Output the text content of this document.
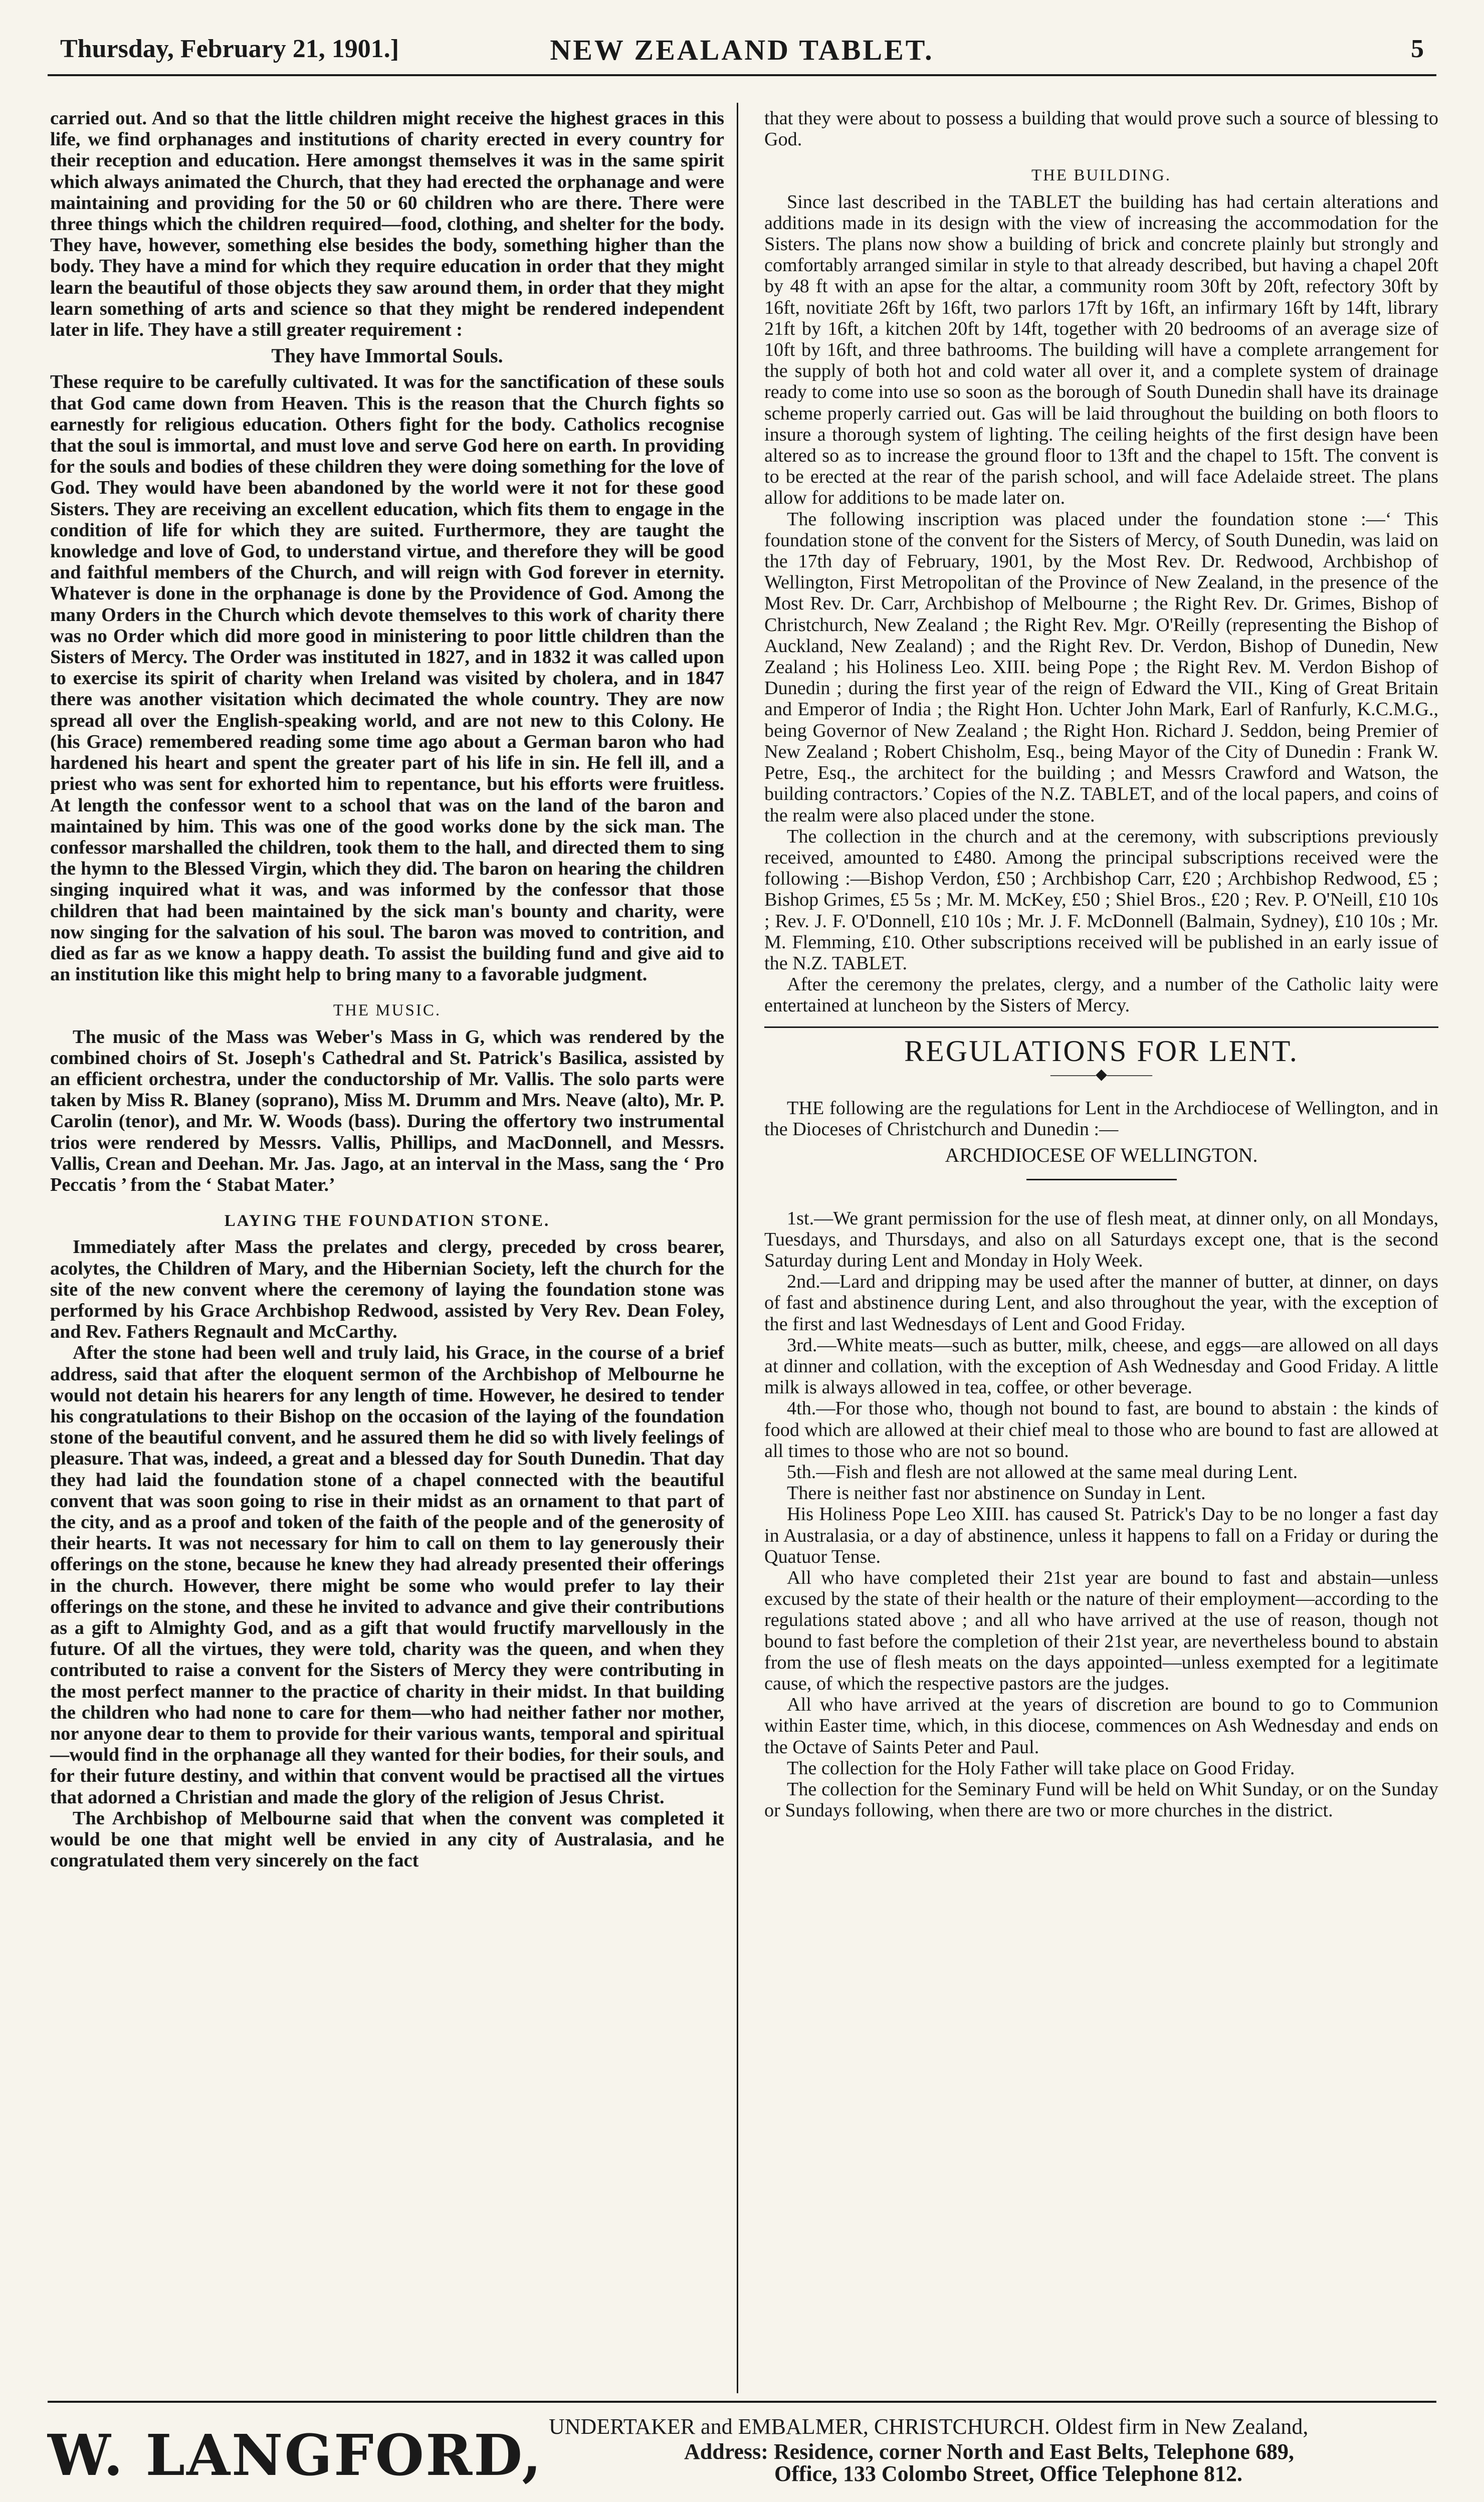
Thursday, February 21, 1901.]	NEW ZEALAND TABLET.	5

carried out. And so that the little children might receive the highest graces in this life, we find orphanages and institutions of charity erected in every country for their reception and education. Here amongst themselves it was in the same spirit which always animated the Church, that they had erected the orphanage and were maintaining and providing for the 50 or 60 children who are there. There were three things which the children required—food, clothing, and shelter for the body. They have, however, something else besides the body, something higher than the body. They have a mind for which they require education in order that they might learn the beautiful of those objects they saw around them, in order that they might learn something of arts and science so that they might be rendered independent later in life. They have a still greater requirement :

They have Immortal Souls.

These require to be carefully cultivated. It was for the sanctification of these souls that God came down from Heaven. This is the reason that the Church fights so earnestly for religious education. Others fight for the body. Catholics recognise that the soul is immortal, and must love and serve God here on earth. In providing for the souls and bodies of these children they were doing something for the love of God. They would have been abandoned by the world were it not for these good Sisters. They are receiving an excellent education, which fits them to engage in the condition of life for which they are suited. Furthermore, they are taught the knowledge and love of God, to understand virtue, and therefore they will be good and faithful members of the Church, and will reign with God forever in eternity. Whatever is done in the orphanage is done by the Providence of God. Among the many Orders in the Church which devote themselves to this work of charity there was no Order which did more good in ministering to poor little children than the Sisters of Mercy. The Order was instituted in 1827, and in 1832 it was called upon to exercise its spirit of charity when Ireland was visited by cholera, and in 1847 there was another visitation which decimated the whole country. They are now spread all over the English-speaking world, and are not new to this Colony. He (his Grace) remembered reading some time ago about a German baron who had hardened his heart and spent the greater part of his life in sin. He fell ill, and a priest who was sent for exhorted him to repentance, but his efforts were fruitless. At length the confessor went to a school that was on the land of the baron and maintained by him. This was one of the good works done by the sick man. The confessor marshalled the children, took them to the hall, and directed them to sing the hymn to the Blessed Virgin, which they did. The baron on hearing the children singing inquired what it was, and was informed by the confessor that those children that had been maintained by the sick man's bounty and charity, were now singing for the salvation of his soul. The baron was moved to contrition, and died as far as we know a happy death. To assist the building fund and give aid to an institution like this might help to bring many to a favorable judgment.

THE MUSIC.

The music of the Mass was Weber's Mass in G, which was rendered by the combined choirs of St. Joseph's Cathedral and St. Patrick's Basilica, assisted by an efficient orchestra, under the conductorship of Mr. Vallis. The solo parts were taken by Miss R. Blaney (soprano), Miss M. Drumm and Mrs. Neave (alto), Mr. P. Carolin (tenor), and Mr. W. Woods (bass). During the offertory two instrumental trios were rendered by Messrs. Vallis, Phillips, and MacDonnell, and Messrs. Vallis, Crean and Deehan. Mr. Jas. Jago, at an interval in the Mass, sang the ‘ Pro Peccatis ’ from the ‘ Stabat Mater.’

LAYING THE FOUNDATION STONE.

Immediately after Mass the prelates and clergy, preceded by cross bearer, acolytes, the Children of Mary, and the Hibernian Society, left the church for the site of the new convent where the ceremony of laying the foundation stone was performed by his Grace Archbishop Redwood, assisted by Very Rev. Dean Foley, and Rev. Fathers Regnault and McCarthy.

After the stone had been well and truly laid, his Grace, in the course of a brief address, said that after the eloquent sermon of the Archbishop of Melbourne he would not detain his hearers for any length of time. However, he desired to tender his congratulations to their Bishop on the occasion of the laying of the foundation stone of the beautiful convent, and he assured them he did so with lively feelings of pleasure. That was, indeed, a great and a blessed day for South Dunedin. That day they had laid the foundation stone of a chapel connected with the beautiful convent that was soon going to rise in their midst as an ornament to that part of the city, and as a proof and token of the faith of the people and of the generosity of their hearts. It was not necessary for him to call on them to lay generously their offerings on the stone, because he knew they had already presented their offerings in the church. However, there might be some who would prefer to lay their offerings on the stone, and these he invited to advance and give their contributions as a gift to Almighty God, and as a gift that would fructify marvellously in the future. Of all the virtues, they were told, charity was the queen, and when they contributed to raise a convent for the Sisters of Mercy they were contributing in the most perfect manner to the practice of charity in their midst. In that building the children who had none to care for them—who had neither father nor mother, nor anyone dear to them to provide for their various wants, temporal and spiritual—would find in the orphanage all they wanted for their bodies, for their souls, and for their future destiny, and within that convent would be practised all the virtues that adorned a Christian and made the glory of the religion of Jesus Christ.

The Archbishop of Melbourne said that when the convent was completed it would be one that might well be envied in any city of Australasia, and he congratulated them very sincerely on the fact

that they were about to possess a building that would prove such a source of blessing to God.

THE BUILDING.

Since last described in the TABLET the building has had certain alterations and additions made in its design with the view of increasing the accommodation for the Sisters. The plans now show a building of brick and concrete plainly but strongly and comfortably arranged similar in style to that already described, but having a chapel 20ft by 48 ft with an apse for the altar, a community room 30ft by 20ft, refectory 30ft by 16ft, novitiate 26ft by 16ft, two parlors 17ft by 16ft, an infirmary 16ft by 14ft, library 21ft by 16ft, a kitchen 20ft by 14ft, together with 20 bedrooms of an average size of 10ft by 16ft, and three bathrooms. The building will have a complete arrangement for the supply of both hot and cold water all over it, and a complete system of drainage ready to come into use so soon as the borough of South Dunedin shall have its drainage scheme properly carried out. Gas will be laid throughout the building on both floors to insure a thorough system of lighting. The ceiling heights of the first design have been altered so as to increase the ground floor to 13ft and the chapel to 15ft. The convent is to be erected at the rear of the parish school, and will face Adelaide street. The plans allow for additions to be made later on.

The following inscription was placed under the foundation stone :—‘ This foundation stone of the convent for the Sisters of Mercy, of South Dunedin, was laid on the 17th day of February, 1901, by the Most Rev. Dr. Redwood, Archbishop of Wellington, First Metropolitan of the Province of New Zealand, in the presence of the Most Rev. Dr. Carr, Archbishop of Melbourne ; the Right Rev. Dr. Grimes, Bishop of Christchurch, New Zealand ; the Right Rev. Mgr. O'Reilly (representing the Bishop of Auckland, New Zealand) ; and the Right Rev. Dr. Verdon, Bishop of Dunedin, New Zealand ; his Holiness Leo. XIII. being Pope ; the Right Rev. M. Verdon Bishop of Dunedin ; during the first year of the reign of Edward the VII., King of Great Britain and Emperor of India ; the Right Hon. Uchter John Mark, Earl of Ranfurly, K.C.M.G., being Governor of New Zealand ; the Right Hon. Richard J. Seddon, being Premier of New Zealand ; Robert Chisholm, Esq., being Mayor of the City of Dunedin : Frank W. Petre, Esq., the architect for the building ; and Messrs Crawford and Watson, the building contractors.’ Copies of the N.Z. TABLET, and of the local papers, and coins of the realm were also placed under the stone.

The collection in the church and at the ceremony, with subscriptions previously received, amounted to £480. Among the principal subscriptions received were the following :—Bishop Verdon, £50 ; Archbishop Carr, £20 ; Archbishop Redwood, £5 ; Bishop Grimes, £5 5s ; Mr. M. McKey, £50 ; Shiel Bros., £20 ; Rev. P. O'Neill, £10 10s ; Rev. J. F. O'Donnell, £10 10s ; Mr. J. F. McDonnell (Balmain, Sydney), £10 10s ; Mr. M. Flemming, £10. Other subscriptions received will be published in an early issue of the N.Z. TABLET.

After the ceremony the prelates, clergy, and a number of the Catholic laity were entertained at luncheon by the Sisters of Mercy.

REGULATIONS FOR LENT.
———◆———

THE following are the regulations for Lent in the Archdiocese of Wellington, and in the Dioceses of Christchurch and Dunedin :—

ARCHDIOCESE OF WELLINGTON.

1st.—We grant permission for the use of flesh meat, at dinner only, on all Mondays, Tuesdays, and Thursdays, and also on all Saturdays except one, that is the second Saturday during Lent and Monday in Holy Week.

2nd.—Lard and dripping may be used after the manner of butter, at dinner, on days of fast and abstinence during Lent, and also throughout the year, with the exception of the first and last Wednesdays of Lent and Good Friday.

3rd.—White meats—such as butter, milk, cheese, and eggs—are allowed on all days at dinner and collation, with the exception of Ash Wednesday and Good Friday. A little milk is always allowed in tea, coffee, or other beverage.

4th.—For those who, though not bound to fast, are bound to abstain : the kinds of food which are allowed at their chief meal to those who are bound to fast are allowed at all times to those who are not so bound.

5th.—Fish and flesh are not allowed at the same meal during Lent.

There is neither fast nor abstinence on Sunday in Lent.

His Holiness Pope Leo XIII. has caused St. Patrick's Day to be no longer a fast day in Australasia, or a day of abstinence, unless it happens to fall on a Friday or during the Quatuor Tense.

All who have completed their 21st year are bound to fast and abstain—unless excused by the state of their health or the nature of their employment—according to the regulations stated above ; and all who have arrived at the use of reason, though not bound to fast before the completion of their 21st year, are nevertheless bound to abstain from the use of flesh meats on the days appointed—unless exempted for a legitimate cause, of which the respective pastors are the judges.

All who have arrived at the years of discretion are bound to go to Communion within Easter time, which, in this diocese, commences on Ash Wednesday and ends on the Octave of Saints Peter and Paul.

The collection for the Holy Father will take place on Good Friday.

The collection for the Seminary Fund will be held on Whit Sunday, or on the Sunday or Sundays following, when there are two or more churches in the district.

W. LANGFORD, UNDERTAKER and EMBALMER, CHRISTCHURCH. Oldest firm in New Zealand,
Address: Residence, corner North and East Belts, Telephone 689,
Office, 133 Colombo Street, Office Telephone 812.
